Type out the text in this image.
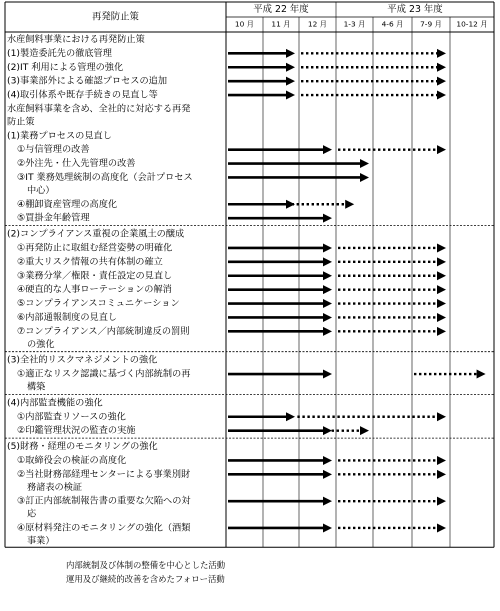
再発防止策
平成 22 年度	平成 23 年度
10 月 11 月 12 月 1-3 月 4-6 月 7-9 月 10-12 月
水産飼料事業における再発防止策
(1)製造委託先の徹底管理
(2)IT 利用による管理の強化
(3)事業部外による確認プロセスの追加
(4)取引体系や既存手続きの見直し等
水産飼料事業を含め、全社的に対応する再発
防止策
(1)業務プロセスの見直し
①与信管理の改善
②外注先・仕入先管理の改善
③IT 業務処理統制の高度化（会計プロセス
中心）
④棚卸資産管理の高度化
⑤買掛金年齢管理
(2)コンプライアンス重視の企業風土の醸成
①再発防止に取組む経営姿勢の明確化
②重大リスク情報の共有体制の確立
③業務分掌／権限・責任設定の見直し
④硬直的な人事ローテーションの解消
⑤コンプライアンスコミュニケーション
⑥内部通報制度の見直し
⑦コンプライアンス／内部統制違反の罰則
の強化
(3)全社的リスクマネジメントの強化
①適正なリスク認識に基づく内部統制の再
構築
(4)内部監査機能の強化
①内部監査リソースの強化
②印鑑管理状況の監査の実施
(5)財務・経理のモニタリングの強化
①取締役会の検証の高度化
②当社財務部経理センターによる事業別財
務諸表の検証
③訂正内部統制報告書の重要な欠陥への対
応
④原材料発注のモニタリングの強化（酒類
事業）
内部統制及び体制の整備を中心とした活動
運用及び継続的改善を含めたフォロー活動
